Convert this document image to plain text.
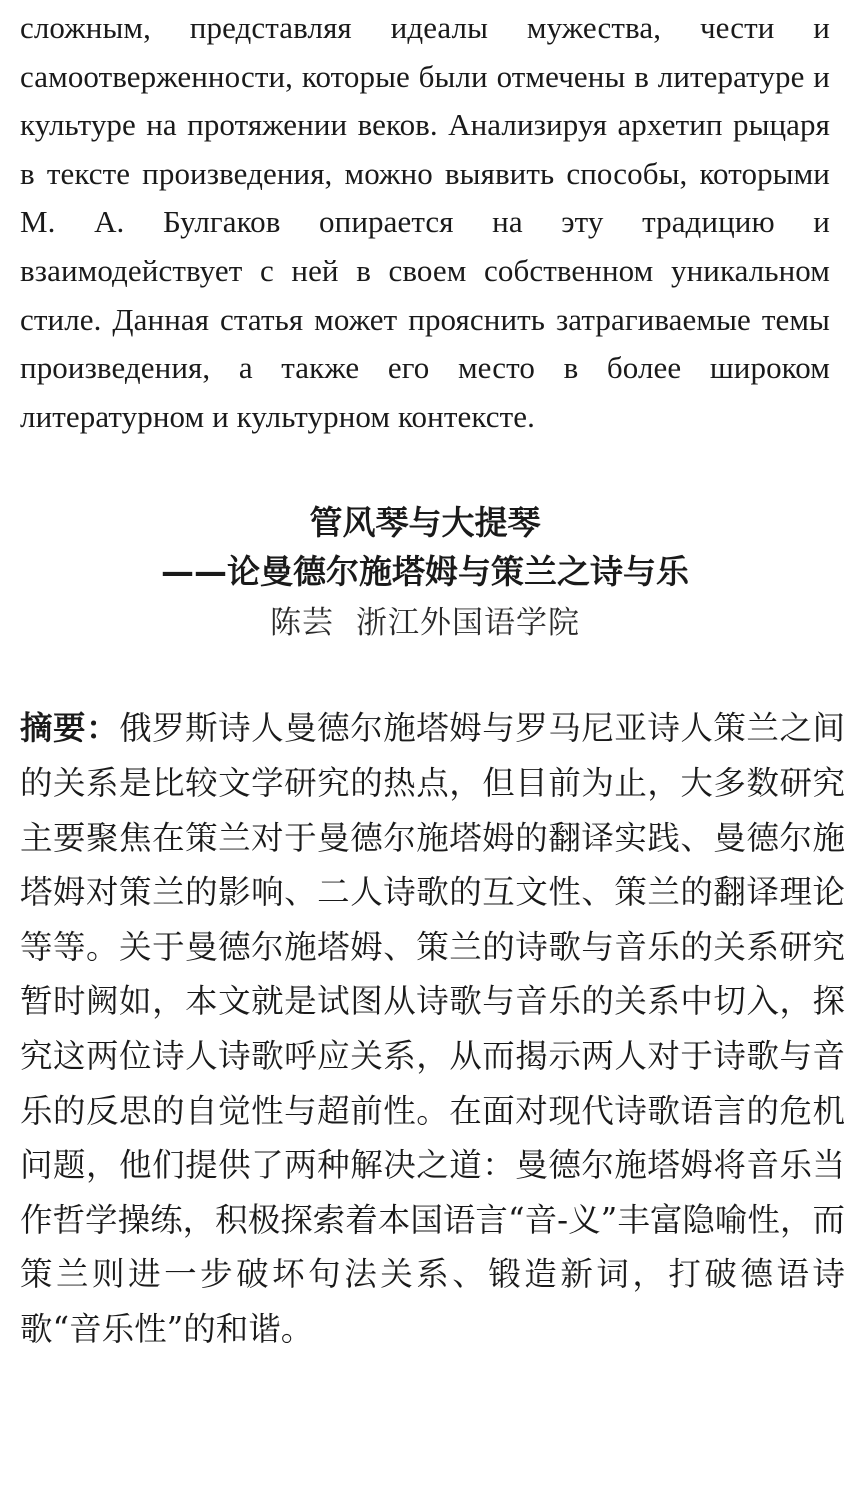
сложным, представляя идеалы мужества, чести и самоотверженности, которые были отмечены в литературе и культуре на протяжении веков. Анализируя архетип рыцаря в тексте произведения, можно выявить способы, которыми М. А. Булгаков опирается на эту традицию и взаимодействует с ней в своем собственном уникальном стиле. Данная статья может прояснить затрагиваемые темы произведения, а также его место в более широком литературном и культурном контексте.

管风琴与大提琴

——论曼德尔施塔姆与策兰之诗与乐

陈芸 浙江外国语学院

摘要：俄罗斯诗人曼德尔施塔姆与罗马尼亚诗人策兰之间的关系是比较文学研究的热点，但目前为止，大多数研究主要聚焦在策兰对于曼德尔施塔姆的翻译实践、曼德尔施塔姆对策兰的影响、二人诗歌的互文性、策兰的翻译理论等等。关于曼德尔施塔姆、策兰的诗歌与音乐的关系研究暂时阙如，本文就是试图从诗歌与音乐的关系中切入，探究这两位诗人诗歌呼应关系，从而揭示两人对于诗歌与音乐的反思的自觉性与超前性。在面对现代诗歌语言的危机问题，他们提供了两种解决之道：曼德尔施塔姆将音乐当作哲学操练，积极探索着本国语言“音-义”丰富隐喻性，而策兰则进一步破坏句法关系、锻造新词，打破德语诗歌“音乐性”的和谐。
